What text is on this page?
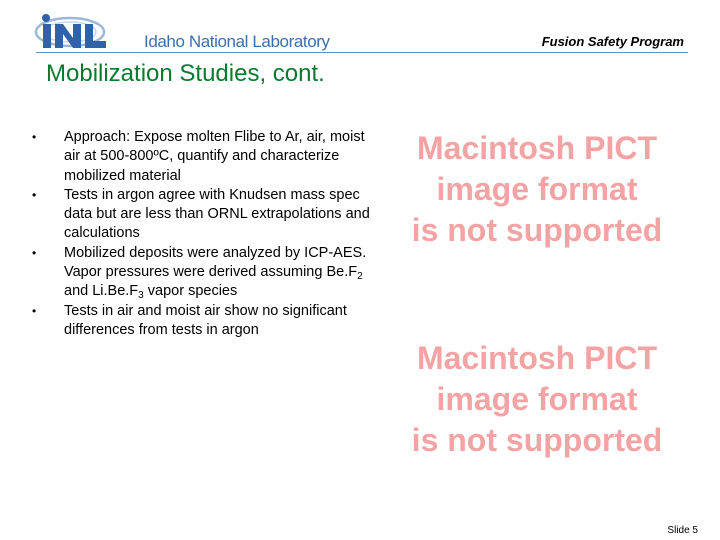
Idaho National Laboratory	Fusion Safety Program
Mobilization Studies, cont.
• Approach: Expose molten Flibe to Ar, air, moist air at 500-800ºC, quantify and characterize mobilized material
• Tests in argon agree with Knudsen mass spec data but are less than ORNL extrapolations and calculations
• Mobilized deposits were analyzed by ICP-AES. Vapor pressures were derived assuming $Be.F_2$ and $Li.Be.F_3$ vapor species
• Tests in air and moist air show no significant differences from tests in argon
Macintosh PICT
image format
is not supported
Macintosh PICT
image format
is not supported
Slide 5
